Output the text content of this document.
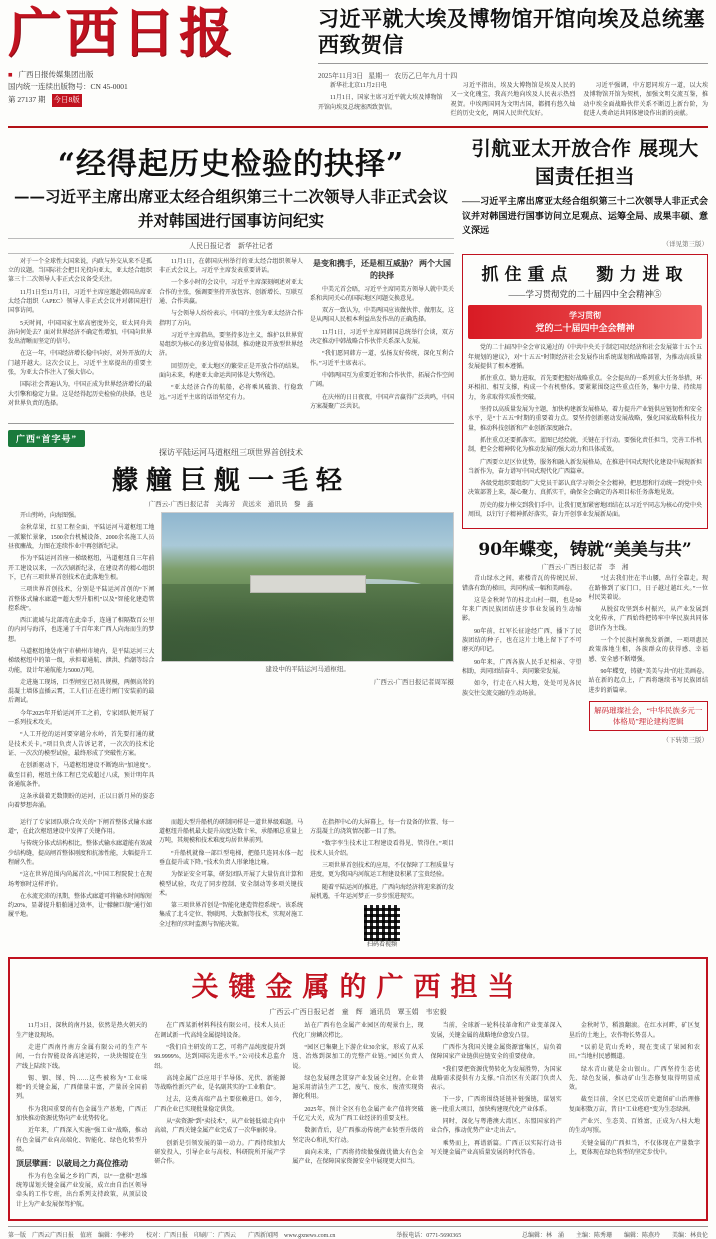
广西日报
■ 广西日报传媒集团出版
国内统一连续出版物号：CN 45-0001
第 27137 期 今日8版
习近平就大埃及博物馆开馆向埃及总统塞西致贺信
2025年11月3日 星期一 农历乙巳年九月十四

新华社北京11月2日电

11月1日，国家主席习近平就大埃及博物馆开馆向埃及总统塞西致贺信。

习近平指出，埃及大博物馆是埃及人民的又一文化瑰宝，我高兴地向埃及人民表示热烈祝贺。中埃两国同为文明古国，都拥有悠久灿烂的历史文化，两国人民世代友好。

习近平强调，中方愿同埃方一道，以大埃及博物馆开馆为契机，加强文明交流互鉴，推动中埃全面战略伙伴关系不断迈上新台阶，为促进人类命运共同体建设作出新的贡献。

“经得起历史检验的抉择”
——习近平主席出席亚太经合组织第三十二次领导人非正式会议并对韩国进行国事访问纪实
人民日报记者　新华社记者

对于一个全球性大国来说，内政与外交从来不是孤立的议题。当国际社会把目光投向亚太，亚太经合组织第三十二次领导人非正式会议备受关注。

11月1日至11月1日，习近平主席应邀赴韩国出席亚太经合组织（APEC）领导人非正式会议并对韩国进行国事访问。

5天时间，中国国家主席高密度外交，亚太同舟共济向何处去？面对世界经济不确定性增加，中国向世界发出清晰而坚定的信号。

在这一年，中国经济增长稳中向好，对外开放的大门越开越大。这次会议上，习近平主席提出的重要主张，为亚太合作注入了强大信心。

国际社会普遍认为，中国正成为世界经济增长的最大引擎和稳定力量。这是经得起历史检验的抉择，也是对世界负责的选择。

11月1日，在韩国庆州举行的亚太经合组织领导人非正式会议上，习近平主席发表重要讲话。

一个多小时的会议中，习近平主席深刻阐述对亚太合作的主张，强调要坚持开放包容、创新增长、互联互通、合作共赢。

与会领导人纷纷表示，中国的主张为亚太经济合作指明了方向。

习近平主席指出，要坚持多边主义，维护以世界贸易组织为核心的多边贸易体制，推动建设开放型世界经济。

回望历史，亚太地区的繁荣正是开放合作的结果。面向未来，构建亚太命运共同体是大势所趋。

“亚太经济合作的航船，必将乘风破浪、行稳致远。”习近平主席的话语坚定有力。

是变和携手，还是相互威胁？ 两个大国的抉择

中美元首会晤，习近平主席同美方领导人就中美关系和共同关心的国际地区问题交换意见。

双方一致认为，中美两国应该做伙伴、做朋友，这是从两国人民根本利益出发作出的正确选择。

11月1日，习近平主席同韩国总统举行会谈，双方决定推动中韩战略合作伙伴关系深入发展。

“我们愿同韩方一道，弘扬友好传统，深化互利合作。”习近平主席表示。

中韩两国互为重要近邻和合作伙伴，拓展合作空间广阔。

在庆州的日日夜夜，中国声音赢得广泛共鸣，中国方案凝聚广泛共识。

广西“首字号”
探访平陆运河马道枢纽三项世界首创技术
艨艟巨舰一毛轻
广西云-广西日报记者　关海芳　黄远来　通讯员　黎　鑫

开山劈岭，向海图强。

金秋草果，红星工程全面、平陆运河马道枢纽工地一派繁忙景象，1500余台机械设备、2000余名施工人员昼夜鏖战，力图在连续作业中再创新纪录。

作为平陆运河首座一梯级枢纽，马道枢纽自三年前开工建设以来，一次次刷新纪录，在建设者的精心组织下，已有三项世界首创技术在此落地生根。

三项世界首创技术，分别是平陆运河首创的“下闸首整体式输水廊道”“超大型升船机”以及“智能化建造管控系统”。

西江流域与北部湾在此牵手，连通了相隔数百公里的内河与海洋，也连通了千百年来广西人向海而生的梦想。

马道枢纽地处南宁市横州市境内，是平陆运河三大梯级枢纽中的第一级，承担着通航、泄洪、挡潮等综合功能，设计年通航能力5000万吨。

走进施工现场，巨型闸室已初具规模，两侧高耸的混凝土墙体直插云霄，工人们正在进行闸门安装前的最后调试。

今年2025年开始运河开工之前，专家团队便开展了一系列技术攻关。

“人工开挖的运河要穿越分水岭，首先要打通的就是技术关卡。”项目负责人告诉记者，一次次的技术论证、一次次的模型试验，最终形成了突破性方案。

在创新驱动下，马道枢纽建设不断跑出“加速度”。截至目前，枢纽主体工程已完成超过八成，预计明年具备通航条件。

这条承载着无数期盼的运河，正以日新月异的姿态向着梦想奔涌。

建设中的平陆运河马道枢纽。
广西云-广西日报记者周军摄

运行了专家团队联合攻关的“下闸首整体式输水廊道”，在此次枢纽建设中发挥了关键作用。

与传统分体式结构相比，整体式输水廊道能有效减少结构缝，提高闸首整体刚度和抗渗性能，大幅提升工程耐久性。

“这在世界范围内尚属首次。”中国工程院院士在现场考察时这样评价。

在水流充沛的汛期，整体式廊道可将输水时间缩短约20%，显著提升船舶通过效率，让“艨艟巨舰”通行如履平地。

而超大型升船机的研制同样是一道世界级难题。马道枢纽升船机最大提升高度达数十米，承船厢总重量上万吨，其规模和技术难度均居世界前列。

“升船机就像一部巨型电梯，把船只连同水体一起垂直提升或下降。”技术负责人形象地比喻。

为保证安全可靠，研发团队开展了大量仿真计算和模型试验，攻克了同步控制、安全制动等多项关键技术。

第三项世界首创是“智能化建造管控系统”。该系统集成了北斗定位、物联网、大数据等技术，实现对施工全过程的实时监测与智能决策。

在指挥中心的大屏幕上，每一台设备的位置、每一方混凝土的浇筑情况都一目了然。

“数字孪生技术让工程建设看得见、管得住。”项目技术人员介绍。

三项世界首创技术的应用，不仅保障了工程质量与进度，更为我国内河航运工程建设积累了宝贵经验。

随着平陆运河的推进，广西向海经济将迎来新的发展机遇，千年运河梦正一步步照进现实。

扫码看视频
引航亚太开放合作 展现大国责任担当
——习近平主席出席亚太经合组织第三十二次领导人非正式会议并对韩国进行国事访问立足观点、运筹全局、成果丰硕、意义深远
（详见第三版）
抓住重点　勠力进取
——学习贯彻党的二十届四中全会精神⑤
学习贯彻
党的二十届四中全会精神

党的二十届四中全会审议通过的《中共中央关于制定国民经济和社会发展第十五个五年规划的建议》，对“十五五”时期经济社会发展作出系统谋划和战略部署，为推动高质量发展提供了根本遵循。

抓住重点、勠力进取，首先要把握好战略重点。全会提出的一系列重大任务举措，环环相扣、相互支撑，构成一个有机整体。要紧紧围绕这些重点任务，集中力量、持续用力，务求取得实质性突破。

坚持以高质量发展为主题，加快构建新发展格局，着力提升产业链供应链韧性和安全水平，是“十五五”时期的重要着力点。要坚持创新驱动发展战略，强化国家战略科技力量，推动科技创新和产业创新深度融合。

抓住重点还要抓落实。蓝图已经绘就，关键在于行动。要强化责任担当，完善工作机制，把全会精神转化为推动发展的强大动力和具体成效。

广西要立足区位优势，服务和融入新发展格局，在推进中国式现代化建设中展现新担当新作为，奋力谱写中国式现代化广西篇章。

各级党组织要组织广大党员干部认真学习领会全会精神，把思想和行动统一到党中央决策部署上来，凝心聚力、真抓实干，确保全会确定的各项目标任务落地见效。

历史的接力棒交到我们手中。让我们更加紧密地团结在以习近平同志为核心的党中央周围，以钉钉子精神抓好落实，奋力开创事业发展新局面。

90年蝶变，铸就“美美与共”
广西云-广西日报记者　李　湘

青山绿水之间，素楼青瓦的传统民居、错落有致的梯田，共同构成一幅和美画卷。

这是金秋时节的桂北山村一隅，也是90年来广西民族团结进步事业发展的生动缩影。

90年前，红军长征途经广西，播下了民族团结的种子，也在这片土地上留下了不可磨灭的印记。

90年来，广西各族人民手足相亲、守望相助，共同团结奋斗、共同繁荣发展。

如今，行走在八桂大地，处处可见各民族交往交流交融的生动场景。

“过去我们住在半山腰，出行全靠走。现在路修到了家门口，日子越过越红火。”一位村民笑着说。

从脱贫攻坚到乡村振兴，从产业发展到文化传承，广西始终把铸牢中华民族共同体意识作为主线。

一个个民族村寨焕发新颜，一项项惠民政策落地生根，各族群众的获得感、幸福感、安全感不断增强。

90年蝶变，铸就“美美与共”的壮美画卷。站在新的起点上，广西将继续书写民族团结进步的新篇章。

解码璀璨社会，“中华民族多元一体格局”理论建构逻辑
（下转第三版）
关键金属的广西担当
广西云-广西日报记者　童　辉　通讯员　覃玉娟　韦宏毅

11月3日，深秋的南丹县，依然是热火朝天的生产建设现场。

走进广西南丹南方金属有限公司的生产车间，一台台智能设备高速运转，一块块锡锭在生产线上陆续下线。

锡、铟、锑、钨……这些被称为“工业味精”的关键金属，广西储量丰富，产量居全国前列。

作为我国重要的有色金属生产基地，广西正加快推动资源优势向产业优势转化。

近年来，广西深入实施“强工业”战略，推动有色金属产业向高端化、智能化、绿色化转型升级。

顶层擘画：以破局之力高位推动

作为有色金属之乡的广西，以“一盘棋”思维统筹谋划关键金属产业发展，成立由自治区领导牵头的工作专班，出台系列支持政策，从顶层设计上为产业发展保驾护航。

在广西某新材料科技有限公司，技术人员正在调试新一代高纯金属提纯设备。

“我们自主研发的工艺，可将产品纯度提升到99.9999%，达到国际先进水平。”公司技术总监介绍。

高纯金属广泛应用于半导体、光伏、新能源等战略性新兴产业，是名副其实的“工业粮食”。

过去，这类高端产品主要依赖进口。如今，广西企业已实现批量稳定供货。

从“卖资源”到“卖技术”，从产业链低端走向中高端，广西关键金属产业完成了一次华丽转身。

创新是引领发展的第一动力。广西持续加大研发投入，引导企业与高校、科研院所开展产学研合作。

站在广西有色金属产业园区的观景台上，现代化厂房鳞次栉比。

“园区已集聚上下游企业30余家，形成了从采选、冶炼到深加工的完整产业链。”园区负责人说。

绿色发展理念贯穿产业发展全过程。企业普遍采用清洁生产工艺，废气、废水、废渣实现资源化利用。

2025年，预计全区有色金属产业产值将突破千亿元大关，成为广西工业经济的重要支柱。

数据背后，是广西推动传统产业转型升级的坚定决心和扎实行动。

面向未来，广西将持续做强做优做大有色金属产业，在保障国家资源安全中展现更大担当。

当前，全球新一轮科技革命和产业变革深入发展，关键金属的战略地位愈发凸显。

广西作为我国关键金属资源富集区，肩负着保障国家产业链供应链安全的重要使命。

“我们要把资源优势转化为发展胜势，为国家战略需求提供有力支撑。”自治区有关部门负责人表示。

下一步，广西将围绕延链补链强链，谋划实施一批重大项目，加快构建现代化产业体系。

同时，深化与粤港澳大湾区、东盟国家的产业合作，推动优势产业“走出去”。

乘势而上，再谱新篇。广西正以实际行动书写关键金属产业高质量发展的时代答卷。

金秋时节，稻浪翻滚。在红水河畔，矿区复垦后的土地上，农作物长势喜人。

“以前是荒山秃岭，现在变成了果园和农田。”当地村民感慨道。

绿水青山就是金山银山。广西坚持生态优先、绿色发展，推动矿山生态修复取得明显成效。

截至目前，全区已完成历史遗留矿山治理修复面积数万亩，昔日“工业疮疤”变为生态绿洲。

产业兴、生态美、百姓富，正成为八桂大地的生动写照。

关键金属的广西担当，不仅体现在产量数字上，更体现在绿色转型的坚定步伐中。

第一版　广西云广西日报　值班　编辑：李彬玲　　校对：广西日报　印刷厂：广西云　　广西新闻网　www.gxnews.com.cn	举报电话：0771-5690365	总编辑：林　涌　　主编：陈秀珊　　编辑：陈燕玲　　美编：林贵伦
